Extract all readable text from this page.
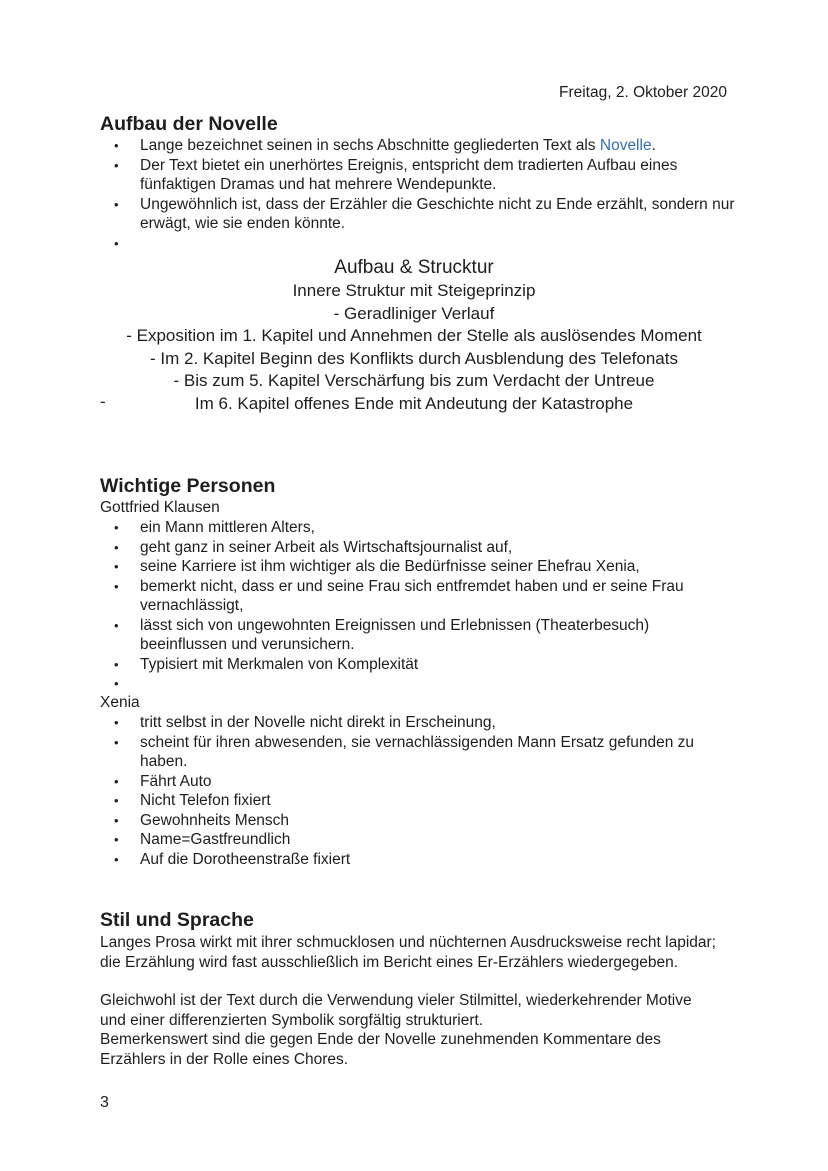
Freitag, 2. Oktober 2020
Aufbau der Novelle
• Lange bezeichnet seinen in sechs Abschnitte gegliederten Text als Novelle.
• Der Text bietet ein unerhörtes Ereignis, entspricht dem tradierten Aufbau eines fünfaktigen Dramas und hat mehrere Wendepunkte.
• Ungewöhnlich ist, dass der Erzähler die Geschichte nicht zu Ende erzählt, sondern nur erwägt, wie sie enden könnte.
•

Aufbau & Strucktur
Innere Struktur mit Steigeprinzip
- Geradliniger Verlauf
- Exposition im 1. Kapitel und Annehmen der Stelle als auslösendes Moment
- Im 2. Kapitel Beginn des Konflikts durch Ausblendung des Telefonats
- Bis zum 5. Kapitel Verschärfung bis zum Verdacht der Untreue
Im 6. Kapitel offenes Ende mit Andeutung der Katastrophe
-
Wichtige Personen
Gottfried Klausen
• ein Mann mittleren Alters,
• geht ganz in seiner Arbeit als Wirtschaftsjournalist auf,
• seine Karriere ist ihm wichtiger als die Bedürfnisse seiner Ehefrau Xenia,
• bemerkt nicht, dass er und seine Frau sich entfremdet haben und er seine Frau vernachlässigt,
• lässt sich von ungewohnten Ereignissen und Erlebnissen (Theaterbesuch) beeinflussen und verunsichern.
• Typisiert mit Merkmalen von Komplexität
•

Xenia
• tritt selbst in der Novelle nicht direkt in Erscheinung,
• scheint für ihren abwesenden, sie vernachlässigenden Mann Ersatz gefunden zu haben.
• Fährt Auto
• Nicht Telefon fixiert
• Gewohnheits Mensch
• Name=Gastfreundlich
• Auf die Dorotheenstraße fixiert
Stil und Sprache
Langes Prosa wirkt mit ihrer schmucklosen und nüchternen Ausdrucksweise recht lapidar; die Erzählung wird fast ausschließlich im Bericht eines Er-Erzählers wiedergegeben.
Gleichwohl ist der Text durch die Verwendung vieler Stilmittel, wiederkehrender Motive und einer differenzierten Symbolik sorgfältig strukturiert.
Bemerkenswert sind die gegen Ende der Novelle zunehmenden Kommentare des Erzählers in der Rolle eines Chores.
3
